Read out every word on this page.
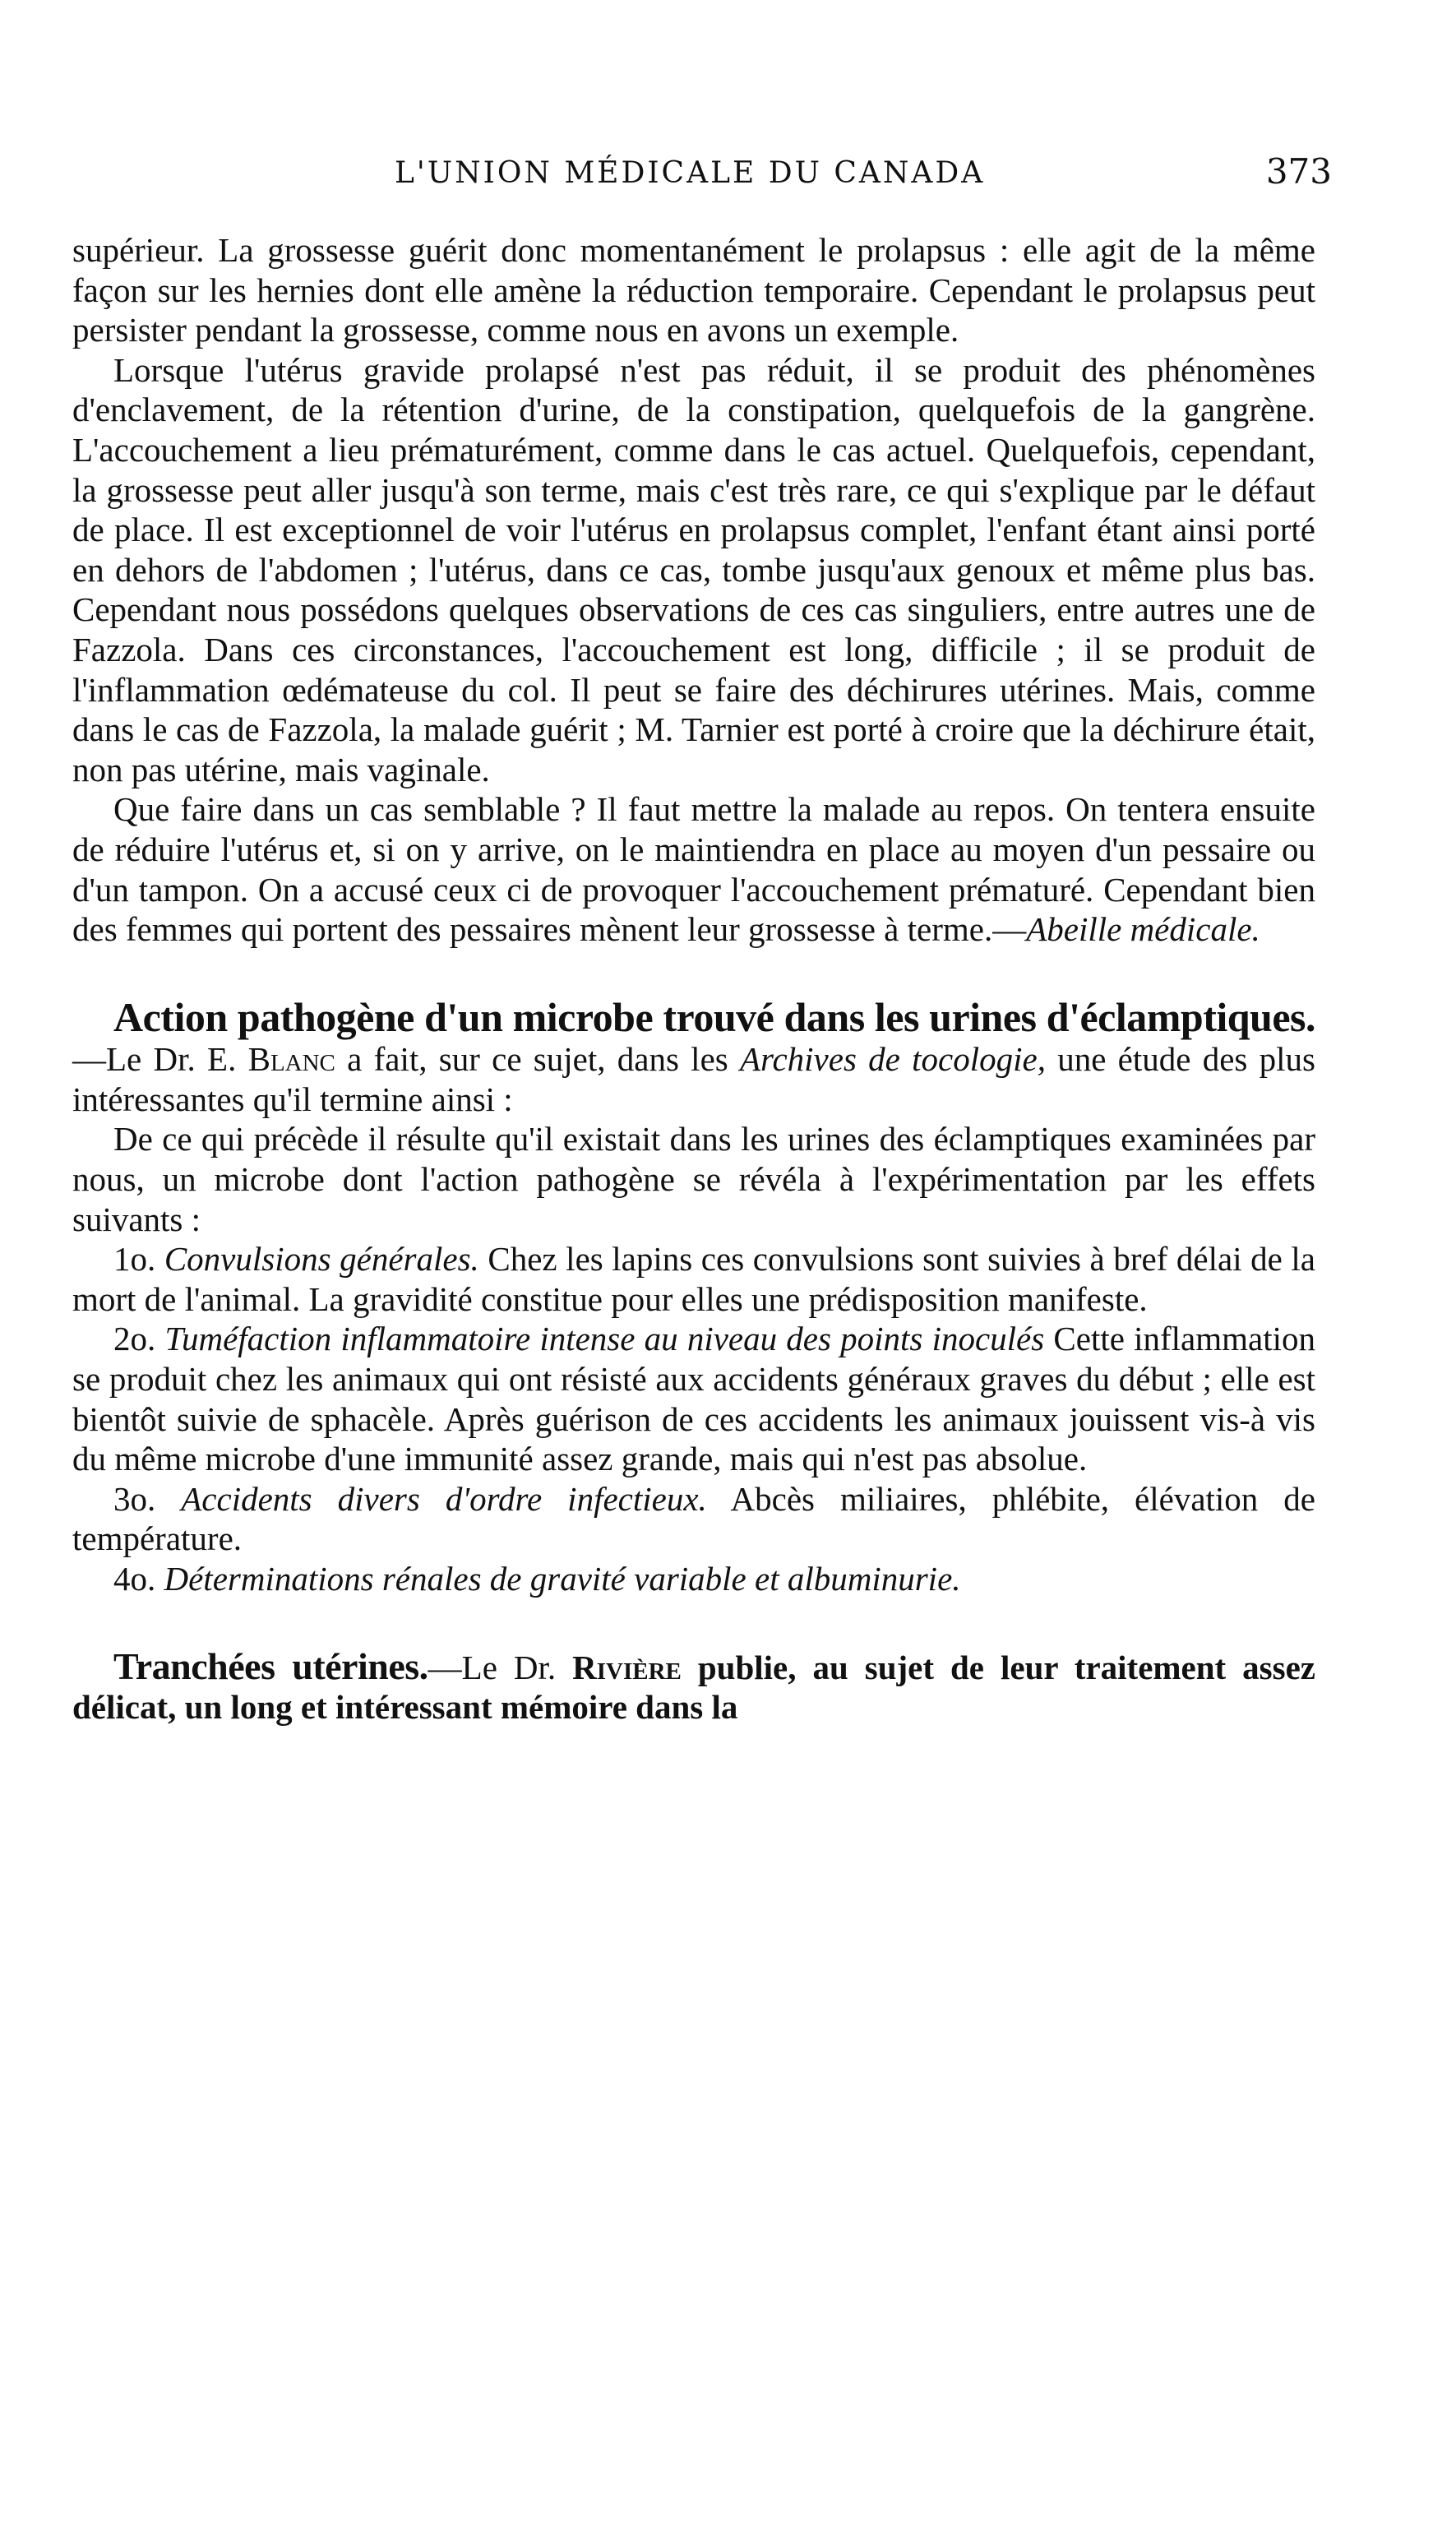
L'UNION MÉDICALE DU CANADA	373

supérieur. La grossesse guérit donc momentanément le prolapsus : elle agit de la même façon sur les hernies dont elle amène la réduction temporaire. Cependant le prolapsus peut persister pendant la grossesse, comme nous en avons un exemple.

Lorsque l'utérus gravide prolapsé n'est pas réduit, il se produit des phénomènes d'enclavement, de la rétention d'urine, de la constipation, quelquefois de la gangrène. L'accouchement a lieu prématurément, comme dans le cas actuel. Quelquefois, cependant, la grossesse peut aller jusqu'à son terme, mais c'est très rare, ce qui s'explique par le défaut de place. Il est exceptionnel de voir l'utérus en prolapsus complet, l'enfant étant ainsi porté en dehors de l'abdomen ; l'utérus, dans ce cas, tombe jusqu'aux genoux et même plus bas. Cependant nous possédons quelques observations de ces cas singuliers, entre autres une de Fazzola. Dans ces circonstances, l'accouchement est long, difficile ; il se produit de l'inflammation œdémateuse du col. Il peut se faire des déchirures utérines. Mais, comme dans le cas de Fazzola, la malade guérit ; M. Tarnier est porté à croire que la déchirure était, non pas utérine, mais vaginale.

Que faire dans un cas semblable ? Il faut mettre la malade au repos. On tentera ensuite de réduire l'utérus et, si on y arrive, on le maintiendra en place au moyen d'un pessaire ou d'un tampon. On a accusé ceux ci de provoquer l'accouchement prématuré. Cependant bien des femmes qui portent des pessaires mènent leur grossesse à terme.—Abeille médicale.

Action pathogène d'un microbe trouvé dans les urines d'éclamptiques.—Le Dr. E. Blanc a fait, sur ce sujet, dans les Archives de tocologie, une étude des plus intéressantes qu'il termine ainsi :

De ce qui précède il résulte qu'il existait dans les urines des éclamptiques examinées par nous, un microbe dont l'action pathogène se révéla à l'expérimentation par les effets suivants :

1o. Convulsions générales. Chez les lapins ces convulsions sont suivies à bref délai de la mort de l'animal. La gravidité constitue pour elles une prédisposition manifeste.

2o. Tuméfaction inflammatoire intense au niveau des points inoculés Cette inflammation se produit chez les animaux qui ont résisté aux accidents généraux graves du début ; elle est bientôt suivie de sphacèle. Après guérison de ces accidents les animaux jouissent vis-à vis du même microbe d'une immunité assez grande, mais qui n'est pas absolue.

3o. Accidents divers d'ordre infectieux. Abcès miliaires, phlébite, élévation de température.

4o. Déterminations rénales de gravité variable et albuminurie.

Tranchées utérines.—Le Dr. Rivière publie, au sujet de leur traitement assez délicat, un long et intéressant mémoire dans la
